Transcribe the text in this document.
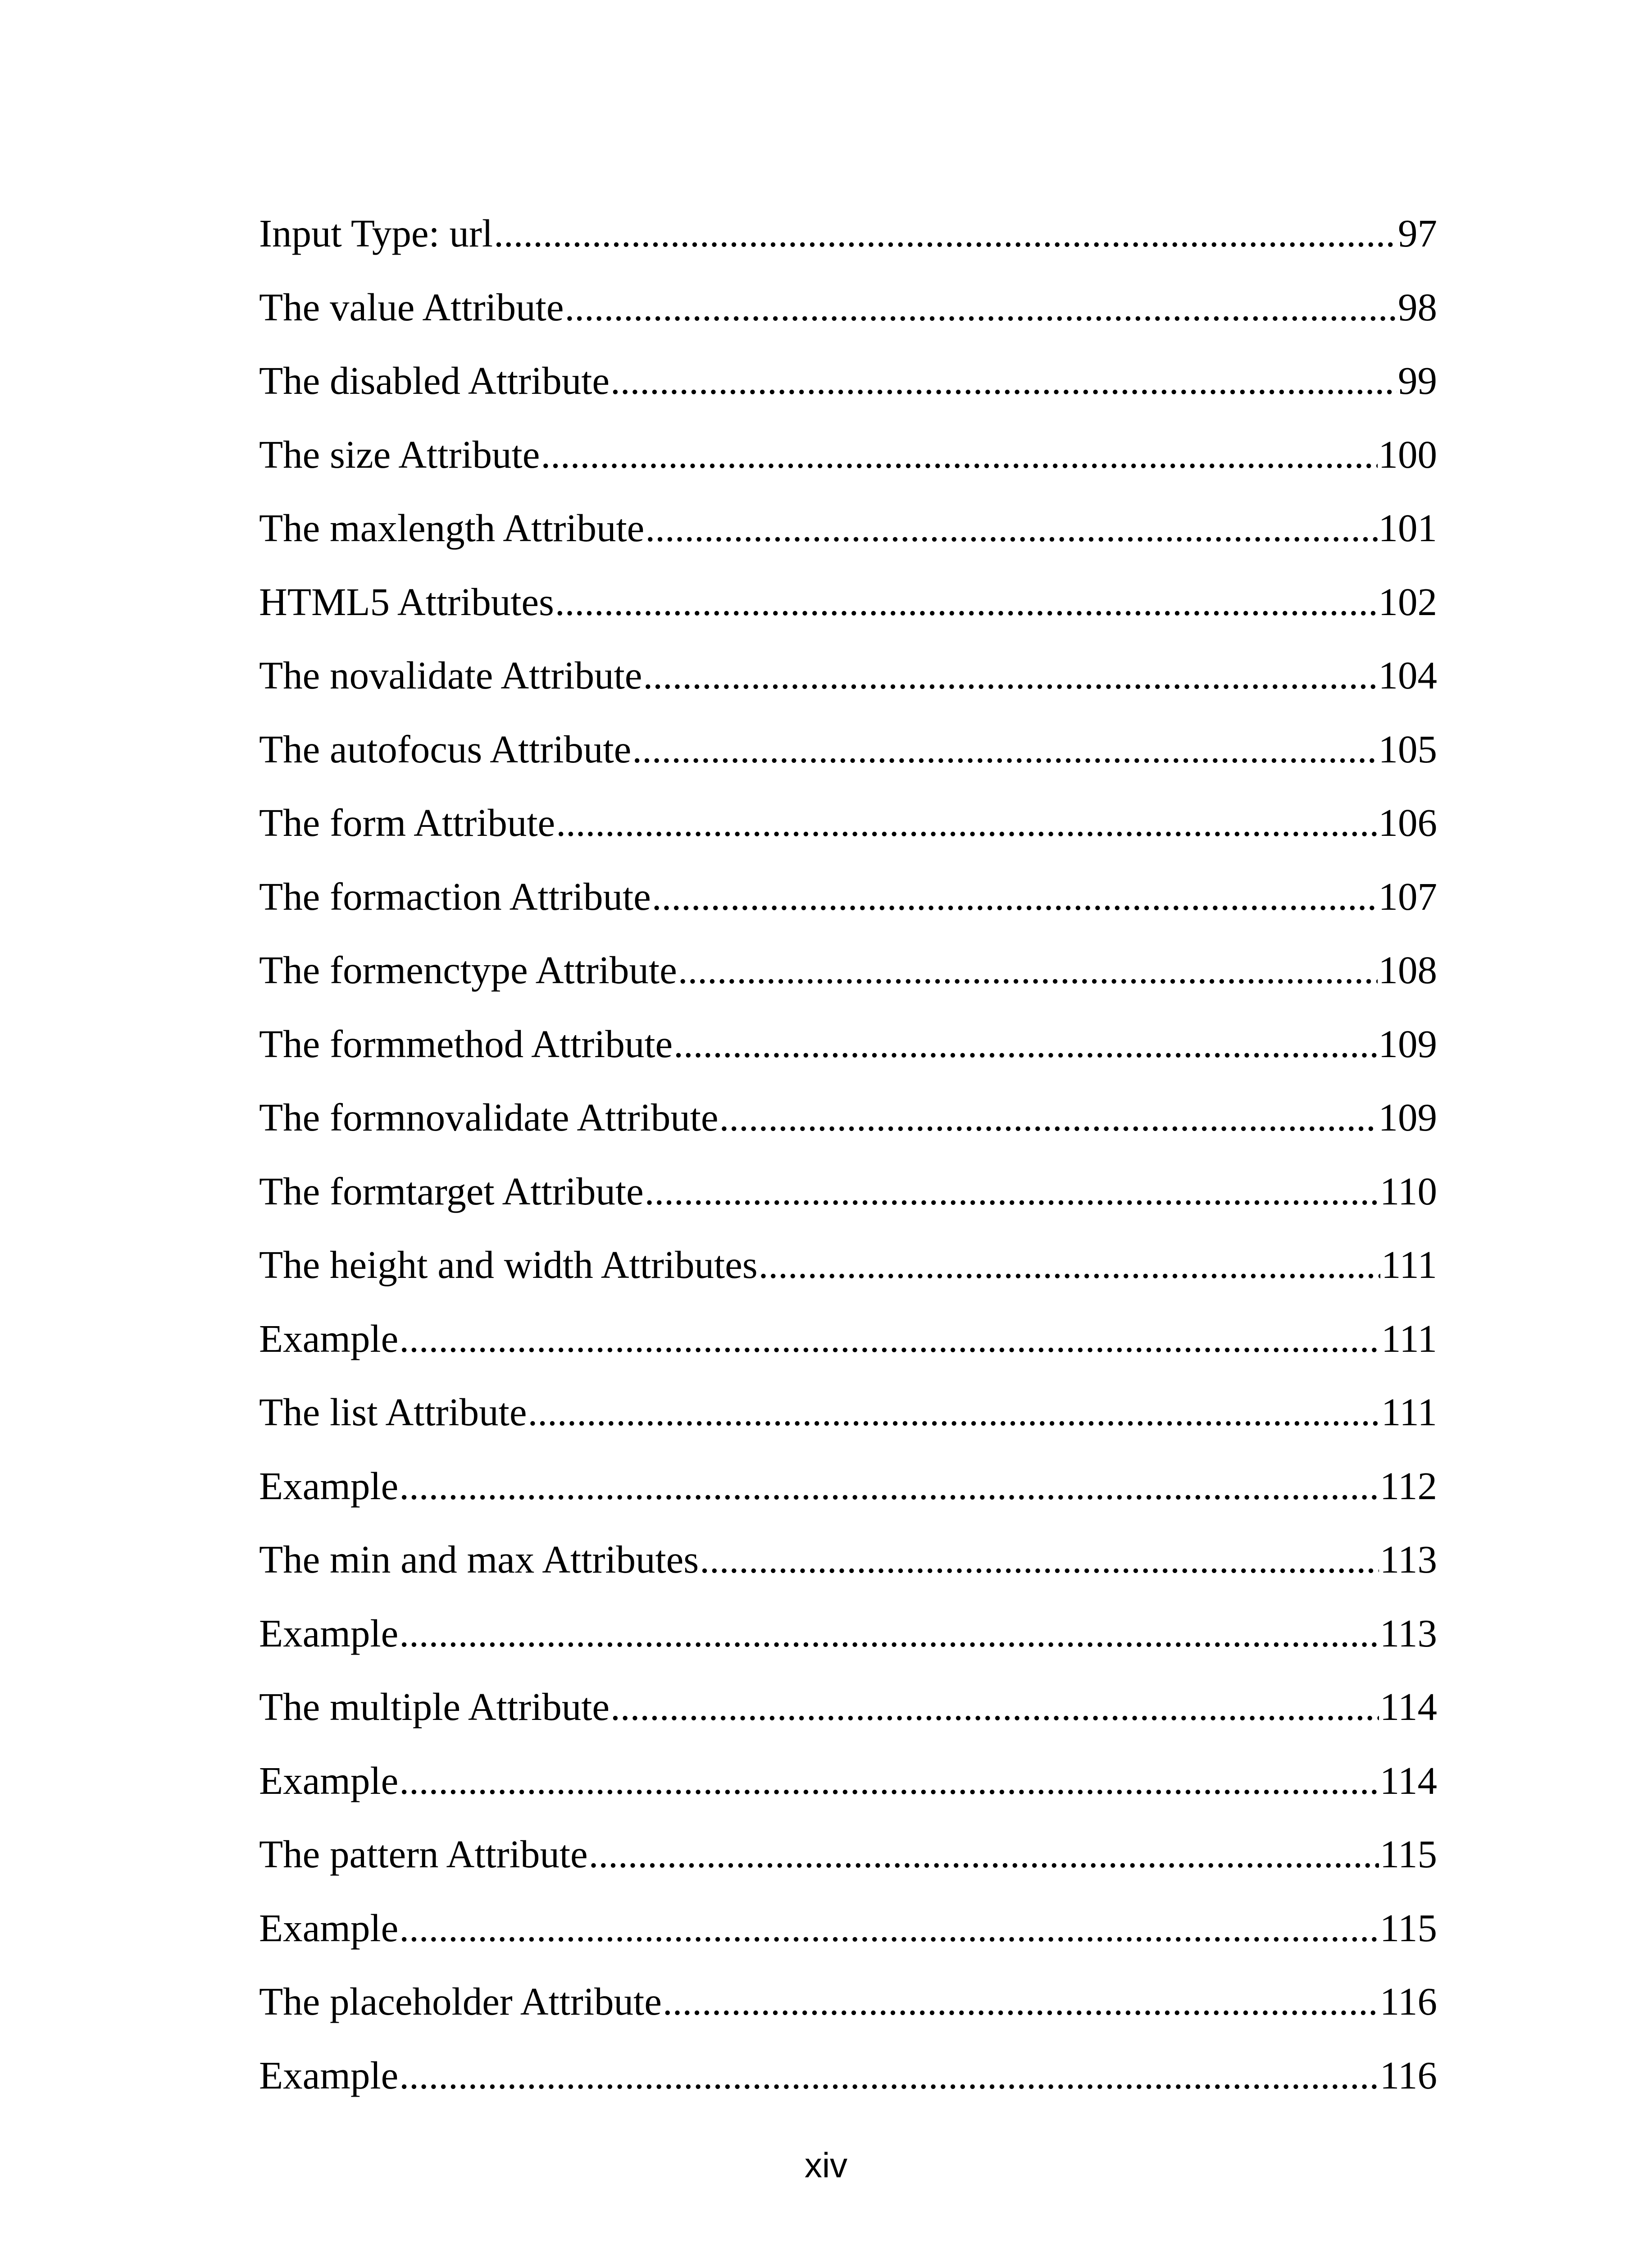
Input Type: url .....	97
The value Attribute .....	98
The disabled Attribute .....	99
The size Attribute .....	100
The maxlength Attribute .....	101
HTML5 Attributes .....	102
The novalidate Attribute .....	104
The autofocus Attribute .....	105
The form Attribute .....	106
The formaction Attribute .....	107
The formenctype Attribute .....	108
The formmethod Attribute .....	109
The formnovalidate Attribute .....	109
The formtarget Attribute .....	110
The height and width Attributes .....	111
Example .....	111
The list Attribute .....	111
Example .....	112
The min and max Attributes .....	113
Example .....	113
The multiple Attribute .....	114
Example .....	114
The pattern Attribute .....	115
Example .....	115
The placeholder Attribute .....	116
Example .....	116
xiv
